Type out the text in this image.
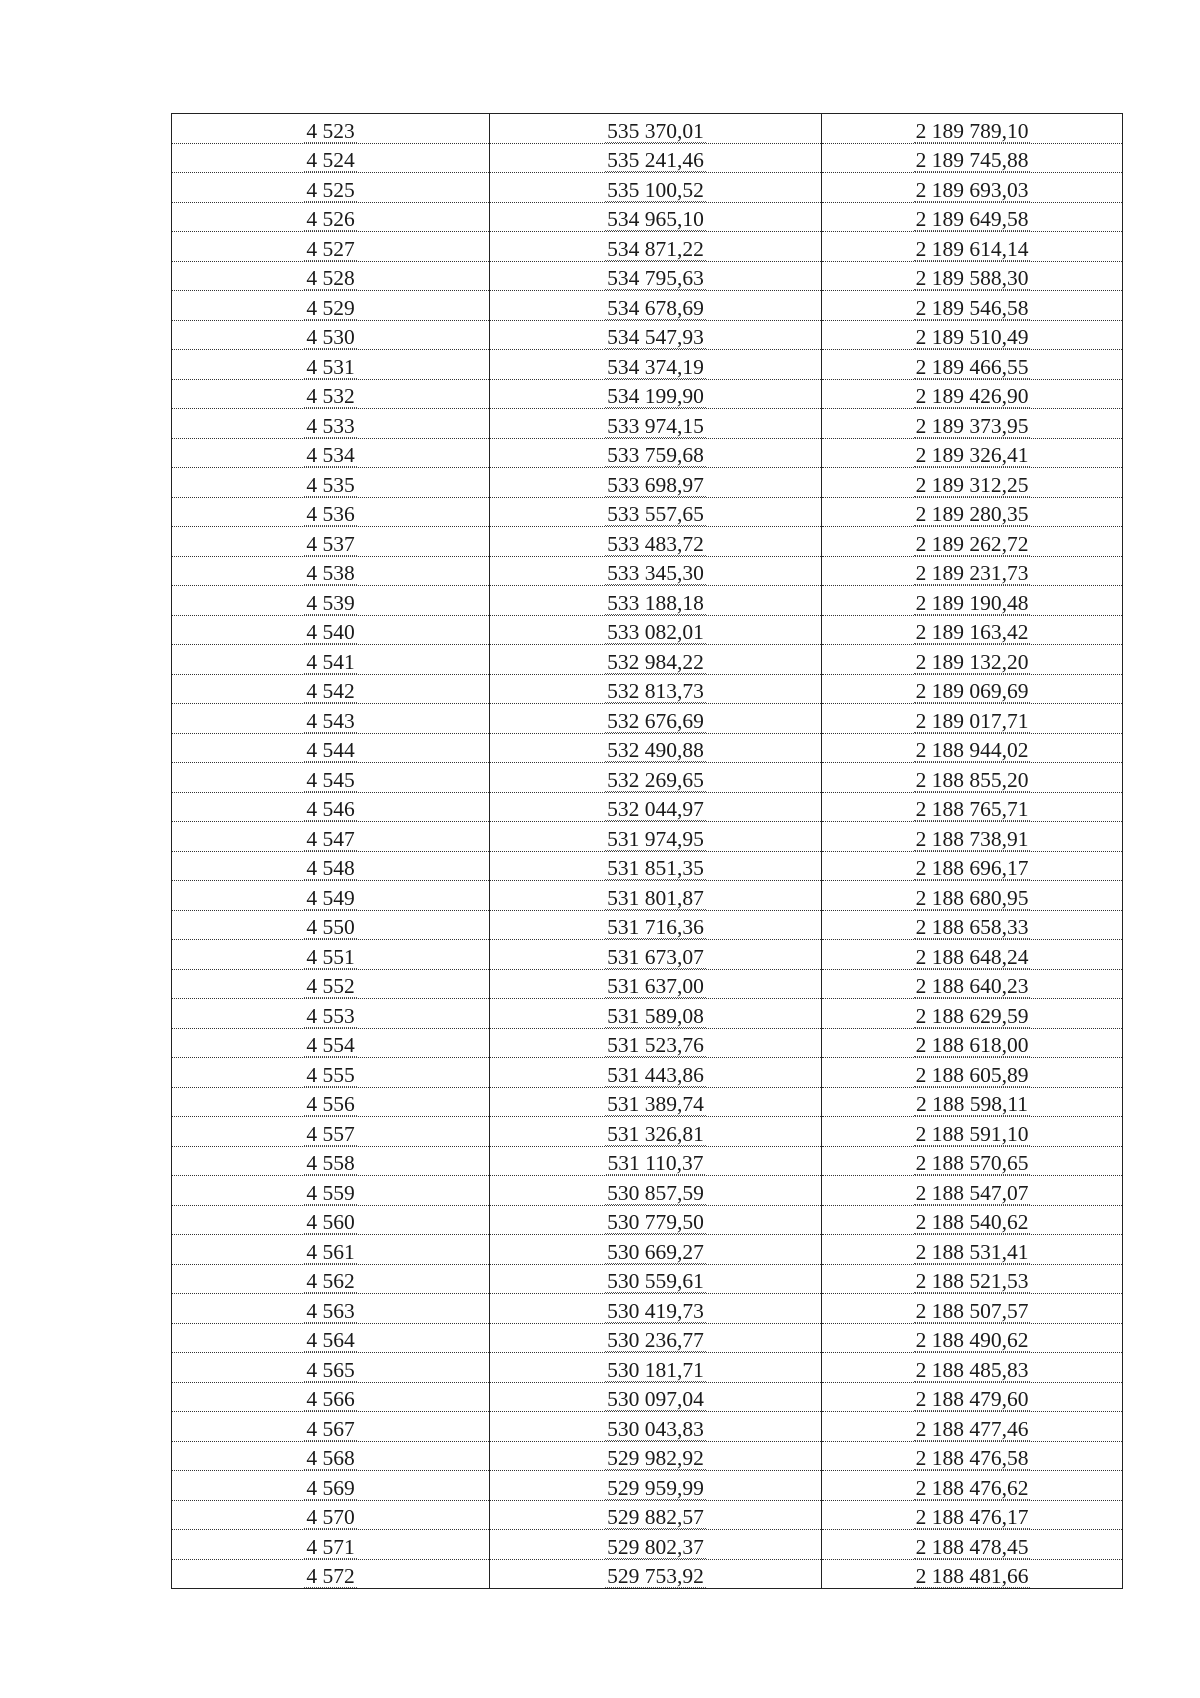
4 523	535 370,01	2 189 789,10
4 524	535 241,46	2 189 745,88
4 525	535 100,52	2 189 693,03
4 526	534 965,10	2 189 649,58
4 527	534 871,22	2 189 614,14
4 528	534 795,63	2 189 588,30
4 529	534 678,69	2 189 546,58
4 530	534 547,93	2 189 510,49
4 531	534 374,19	2 189 466,55
4 532	534 199,90	2 189 426,90
4 533	533 974,15	2 189 373,95
4 534	533 759,68	2 189 326,41
4 535	533 698,97	2 189 312,25
4 536	533 557,65	2 189 280,35
4 537	533 483,72	2 189 262,72
4 538	533 345,30	2 189 231,73
4 539	533 188,18	2 189 190,48
4 540	533 082,01	2 189 163,42
4 541	532 984,22	2 189 132,20
4 542	532 813,73	2 189 069,69
4 543	532 676,69	2 189 017,71
4 544	532 490,88	2 188 944,02
4 545	532 269,65	2 188 855,20
4 546	532 044,97	2 188 765,71
4 547	531 974,95	2 188 738,91
4 548	531 851,35	2 188 696,17
4 549	531 801,87	2 188 680,95
4 550	531 716,36	2 188 658,33
4 551	531 673,07	2 188 648,24
4 552	531 637,00	2 188 640,23
4 553	531 589,08	2 188 629,59
4 554	531 523,76	2 188 618,00
4 555	531 443,86	2 188 605,89
4 556	531 389,74	2 188 598,11
4 557	531 326,81	2 188 591,10
4 558	531 110,37	2 188 570,65
4 559	530 857,59	2 188 547,07
4 560	530 779,50	2 188 540,62
4 561	530 669,27	2 188 531,41
4 562	530 559,61	2 188 521,53
4 563	530 419,73	2 188 507,57
4 564	530 236,77	2 188 490,62
4 565	530 181,71	2 188 485,83
4 566	530 097,04	2 188 479,60
4 567	530 043,83	2 188 477,46
4 568	529 982,92	2 188 476,58
4 569	529 959,99	2 188 476,62
4 570	529 882,57	2 188 476,17
4 571	529 802,37	2 188 478,45
4 572	529 753,92	2 188 481,66
